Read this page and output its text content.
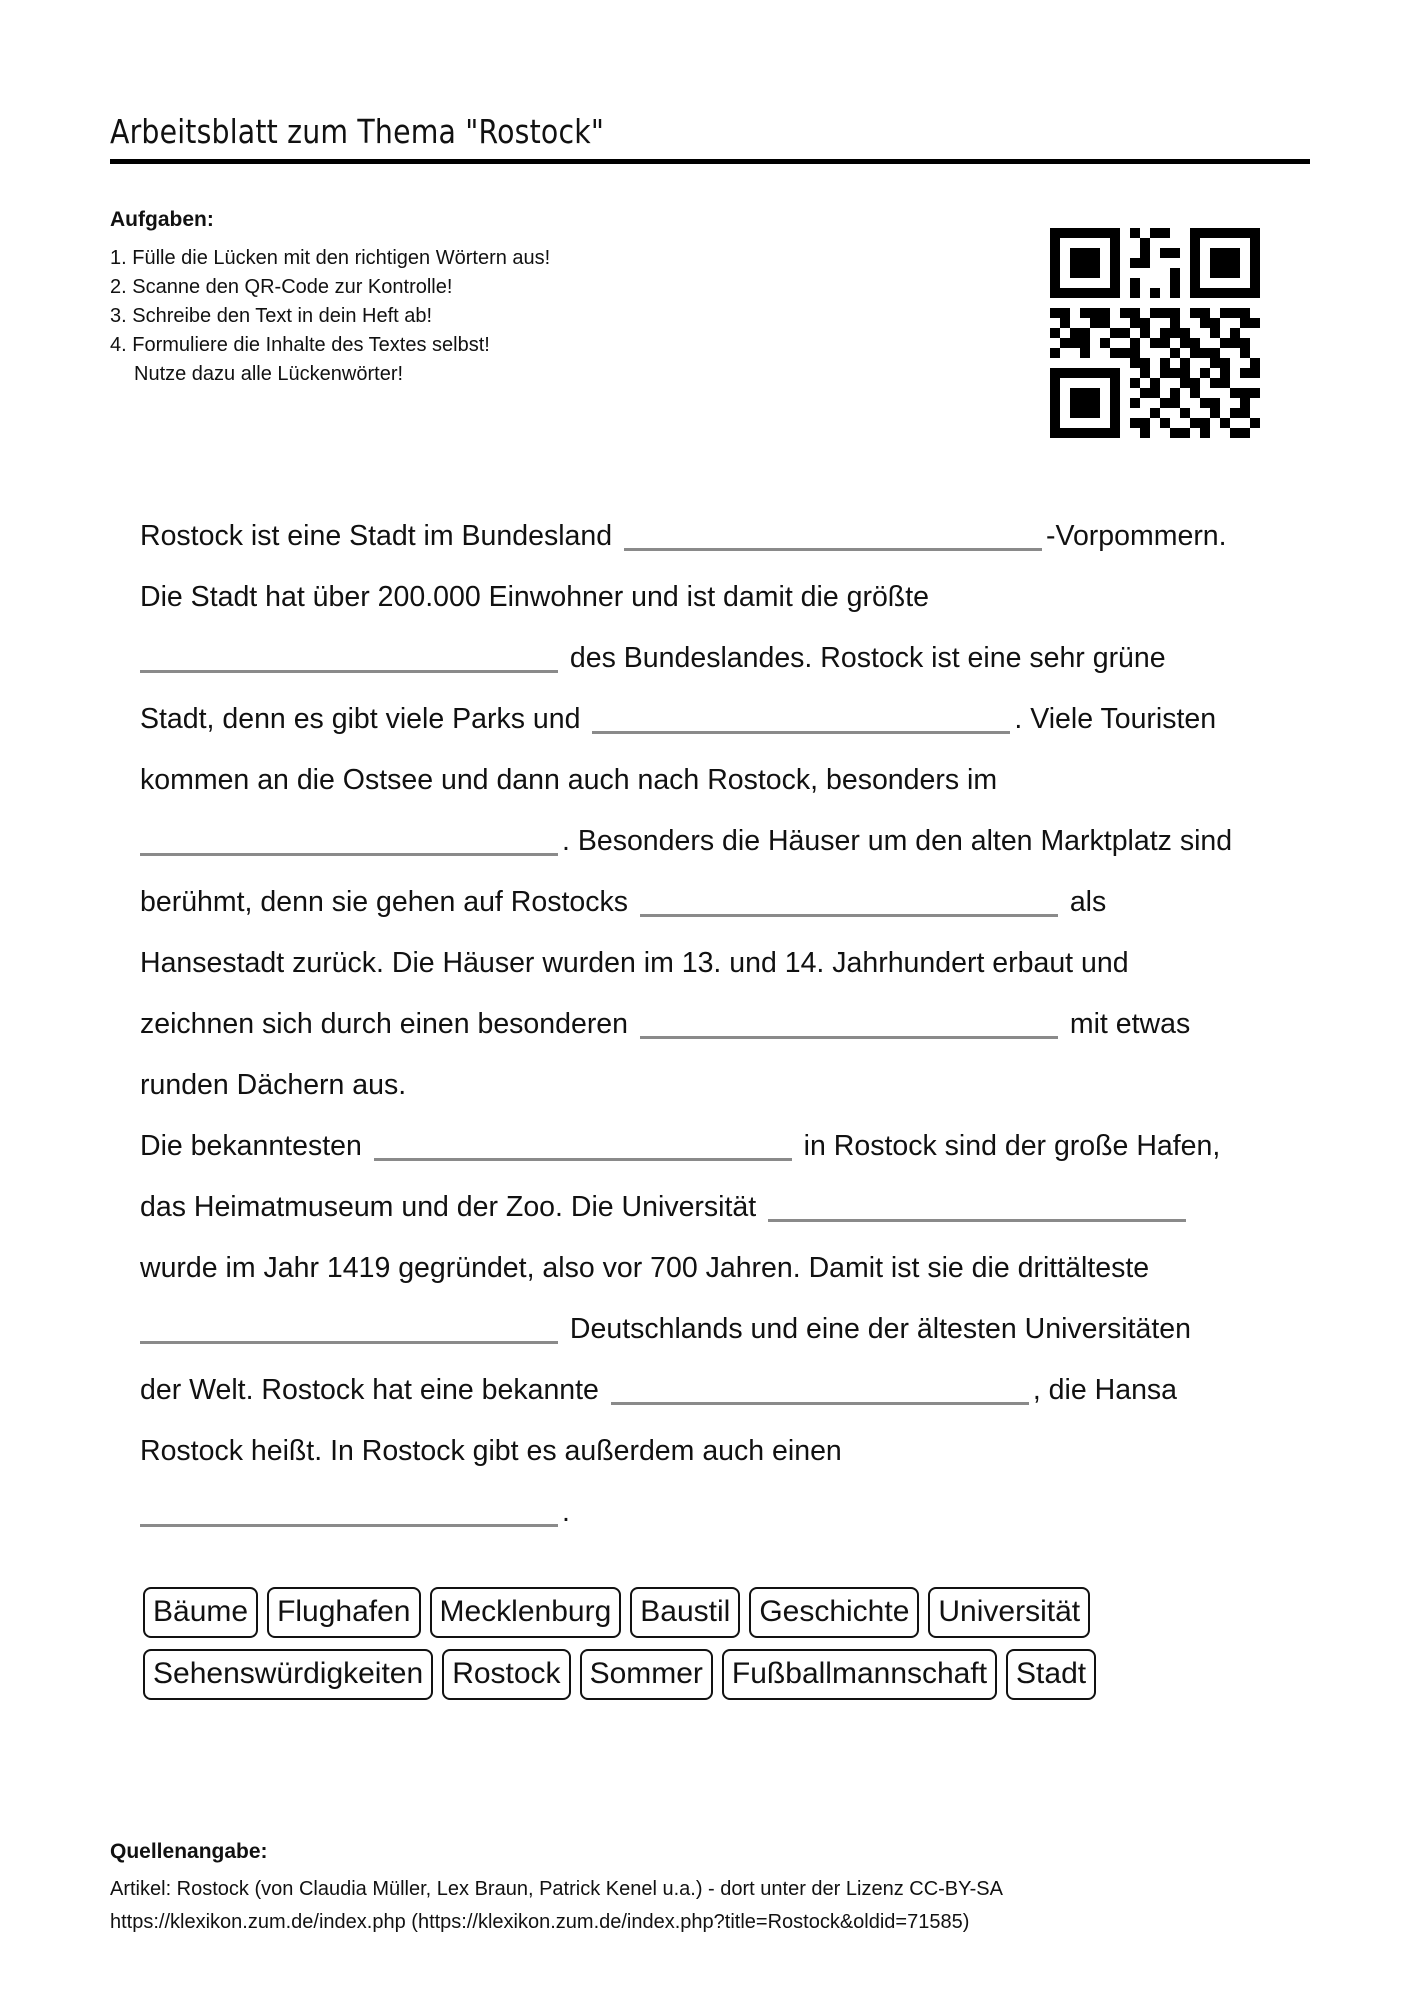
Arbeitsblatt zum Thema "Rostock"
Aufgaben:
1. Fülle die Lücken mit den richtigen Wörtern aus!
2. Scanne den QR-Code zur Kontrolle!
3. Schreibe den Text in dein Heft ab!
4. Formuliere die Inhalte des Textes selbst!
Nutze dazu alle Lückenwörter!
Rostock ist eine Stadt im Bundesland	-Vorpommern.
Die Stadt hat über 200.000 Einwohner und ist damit die größte
des Bundeslandes. Rostock ist eine sehr grüne
Stadt, denn es gibt viele Parks und	. Viele Touristen
kommen an die Ostsee und dann auch nach Rostock, besonders im
. Besonders die Häuser um den alten Marktplatz sind
berühmt, denn sie gehen auf Rostocks	als
Hansestadt zurück. Die Häuser wurden im 13. und 14. Jahrhundert erbaut und
zeichnen sich durch einen besonderen	mit etwas
runden Dächern aus.
Die bekanntesten	in Rostock sind der große Hafen,
das Heimatmuseum und der Zoo. Die Universität
wurde im Jahr 1419 gegründet, also vor 700 Jahren. Damit ist sie die drittälteste
Deutschlands und eine der ältesten Universitäten
der Welt. Rostock hat eine bekannte	, die Hansa
Rostock heißt. In Rostock gibt es außerdem auch einen
.
Bäume Flughafen Mecklenburg Baustil Geschichte Universität
Sehenswürdigkeiten Rostock Sommer Fußballmannschaft Stadt
Quellenangabe:
Artikel: Rostock (von Claudia Müller, Lex Braun, Patrick Kenel u.a.) - dort unter der Lizenz CC-BY-SA
https://klexikon.zum.de/index.php (https://klexikon.zum.de/index.php?title=Rostock&oldid=71585)
